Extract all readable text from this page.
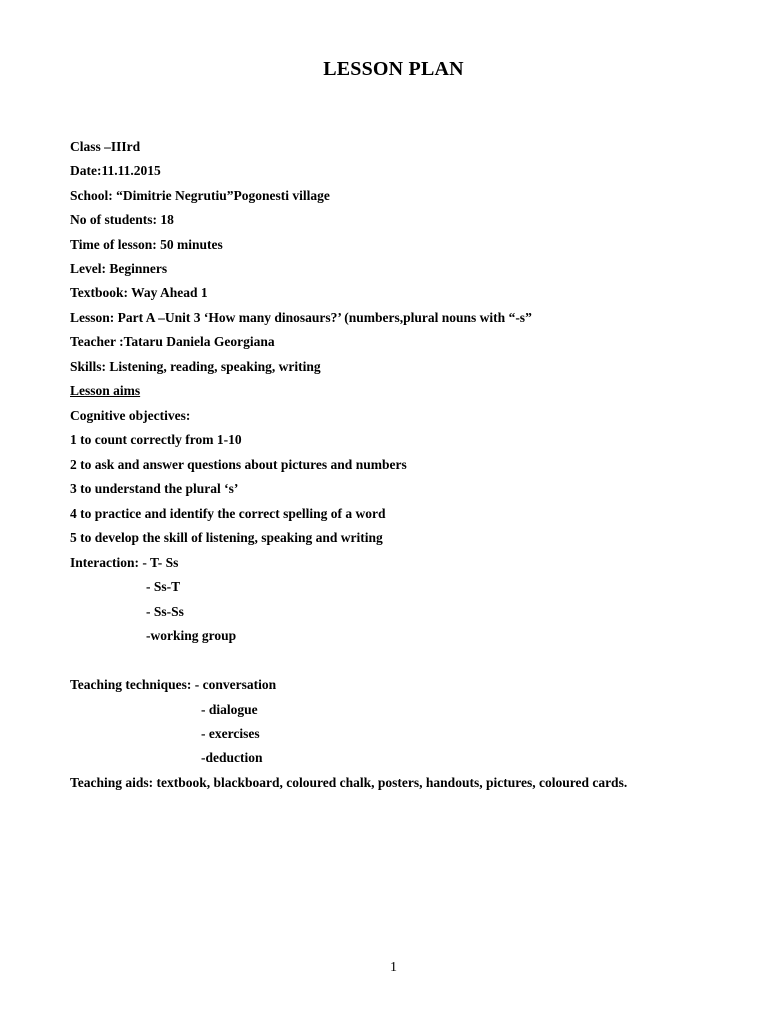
LESSON PLAN
Class –IIIrd
Date:11.11.2015
School: “Dimitrie Negrutiu”Pogonesti village
No of students: 18
Time of lesson: 50 minutes
Level: Beginners
Textbook: Way Ahead 1
Lesson: Part A –Unit 3 ‘How many dinosaurs?’ (numbers,plural nouns with “-s”
Teacher :Tataru Daniela Georgiana
Skills: Listening, reading, speaking, writing
Lesson aims
Cognitive objectives:
1 to count correctly from 1-10
2 to ask and answer questions about pictures and numbers
3 to understand the plural ‘s’
4 to practice and identify the correct spelling of a word
5 to develop the skill of listening, speaking and writing
Interaction: - T- Ss
- Ss-T
- Ss-Ss
-working group
Teaching techniques: - conversation
- dialogue
- exercises
-deduction
Teaching aids: textbook, blackboard, coloured chalk, posters, handouts, pictures, coloured cards.
1
